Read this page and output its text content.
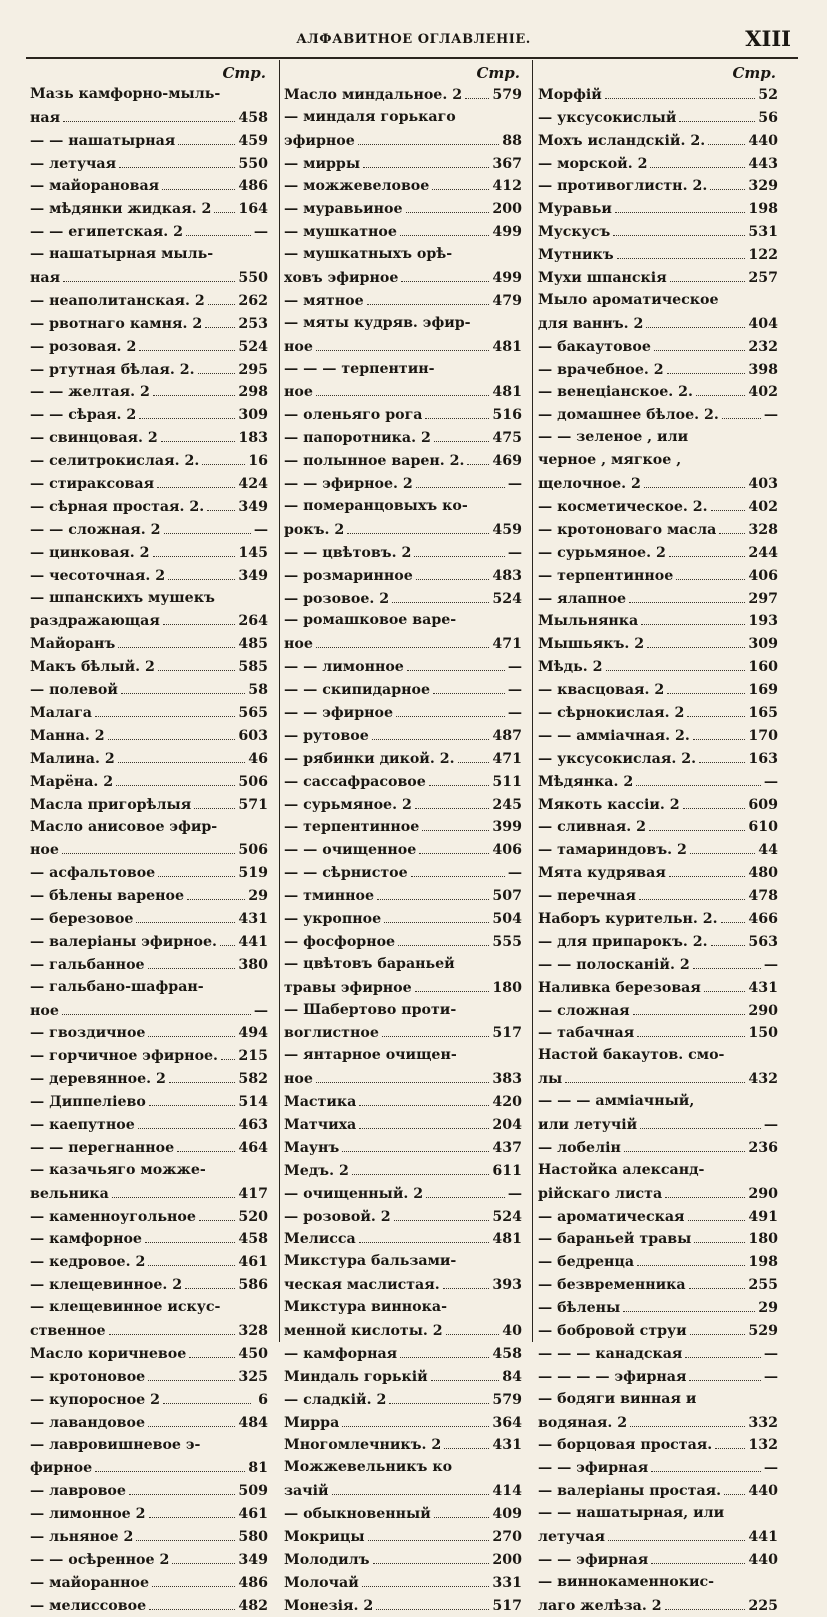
АЛФАВИТНОЕ ОГЛАВЛЕНІЕ.	XIII
Стр.
Мазь камфорно-мыль-
ная	458
— — нашатырная	459
— летучая	550
— майорановая	486
— мѣдянки жидкая. 2 164
— — египетская. 2	—
— нашатырная мыль-
ная	550
— неаполитанская. 2 262
— рвотнаго камня. 2	253
— розовая. 2	524
— ртутная бѣлая. 2.	295
— — желтая. 2	298
— — сѣрая. 2	309
— свинцовая. 2	183
— селитрокислая. 2.	16
— стираксовая	424
— сѣрная простая. 2. 349
— — сложная. 2	—
— цинковая. 2	145
— чесоточная. 2	349
— шпанскихъ мушекъ
раздражающая	264
Майоранъ	485
Макъ бѣлый. 2	585
— полевой	58
Малага	565
Манна. 2	603
Малина. 2	46
Марёна. 2	506
Масла пригорѣлыя	571
Масло анисовое эфир-
ное	506
— асфальтовое	519
— бѣлены вареное	29
— березовое	431
— валеріаны эфирное. 441
— гальбанное	380
— гальбано-шафран-
ное	—
— гвоздичное	494
— горчичное эфирное. 215
— деревянное. 2	582
— Диппеліево	514
— каепутное	463
— — перегнанное	464
— казачьяго можже-
вельника	417
— каменноугольное	520
— камфорное	458
— кедровое. 2	461
— клещевинное. 2	586
— клещевинное искус-
ственное	328
Масло коричневое	450
— кротоновое	325
— купоросное 2	6
— лавандовое	484
— лавровишневое э-
фирное	81
— лавровое	509
— лимонное 2	461
— льняное 2	580
— — осѣренное 2	349
— майоранное	486
— мелиссовое	482
Стр.
Масло миндальное. 2 579
— миндаля горькаго
эфирное	88
— мирры	367
— можжевеловое	412
— муравьиное	200
— мушкатное	499
— мушкатныхъ орѣ-
ховъ эфирное	499
— мятное	479
— мяты кудряв. эфир-
ное	481
— — — терпентин-
ное	481
— оленьяго рога	516
— папоротника. 2	475
— полынное варен. 2. 469
— — эфирное. 2	—
— померанцовыхъ ко-
рокъ. 2	459
— — цвѣтовъ. 2	—
— розмаринное	483
— розовое. 2	524
— ромашковое варе-
ное	471
— — лимонное	—
— — скипидарное	—
— — эфирное	—
— рутовое	487
— рябинки дикой. 2.	471
— сассафрасовое	511
— сурьмяное. 2	245
— терпентинное	399
— — очищенное	406
— — сѣрнистое	—
— тминное	507
— укропное	504
— фосфорное	555
— цвѣтовъ бараньей
травы эфирное	180
— Шабертово проти-
воглистное	517
— янтарное очищен-
ное	383
Мастика	420
Матчиха	204
Маунъ	437
Медъ. 2	611
— очищенный. 2	—
— розовой. 2	524
Мелисса	481
Микстура бальзами-
ческая маслистая.	393
Микстура виннока-
менной кислоты. 2	40
— камфорная	458
Миндаль горькій	84
— сладкій. 2	579
Мирра	364
Многомлечникъ. 2	431
Можжевельникъ ко
зачій	414
— обыкновенный	409
Мокрицы	270
Молодилъ	200
Молочай	331
Монезія. 2	517
Стр.
Морфій	52
— уксусокислый	56
Мохъ исландскій. 2.	440
— морской. 2	443
— противоглистн. 2.	329
Муравьи	198
Мускусъ	531
Мутникъ	122
Мухи шпанскія	257
Мыло ароматическое
для ваннъ. 2	404
— бакаутовое	232
— врачебное. 2	398
— венеціанское. 2.	402
— домашнее бѣлое. 2.	—
— — зеленое , или
черное , мягкое ,
щелочное. 2	403
— косметическое. 2.	402
— кротоноваго масла 328
— сурьмяное. 2	244
— терпентинное	406
— ялапное	297
Мыльнянка	193
Мышьякъ. 2	309
Мѣдь. 2	160
— квасцовая. 2	169
— сѣрнокислая. 2	165
— — аммiачная. 2.	170
— уксусокислая. 2.	163
Мѣдянка. 2	—
Мякоть кассіи. 2	609
— сливная. 2	610
— тамариндовъ. 2	44
Мята кудрявая	480
— перечная	478
Наборъ курительн. 2. 466
— для припарокъ. 2.	563
— — полосканій. 2	—
Наливка березовая	431
— сложная	290
— табачная	150
Настой бакаутов. смо-
лы	432
— — — аммiачный,
или летучій	—
— лобелін	236
Настойка александ-
рійскаго листа	290
— ароматическая	491
— бараньей травы	180
— бедренца	198
— безвременника	255
— бѣлены	29
— бобровой струи	529
— — — канадская	—
— — — — эфирная	—
— бодяги винная и
водяная. 2	332
— борцовая простая.	132
— — эфирная	—
— валеріаны простая. 440
— — нашатырная, или
летучая	441
— — эфирная	440
— виннокаменнокис-
лаго желѣза. 2	225
